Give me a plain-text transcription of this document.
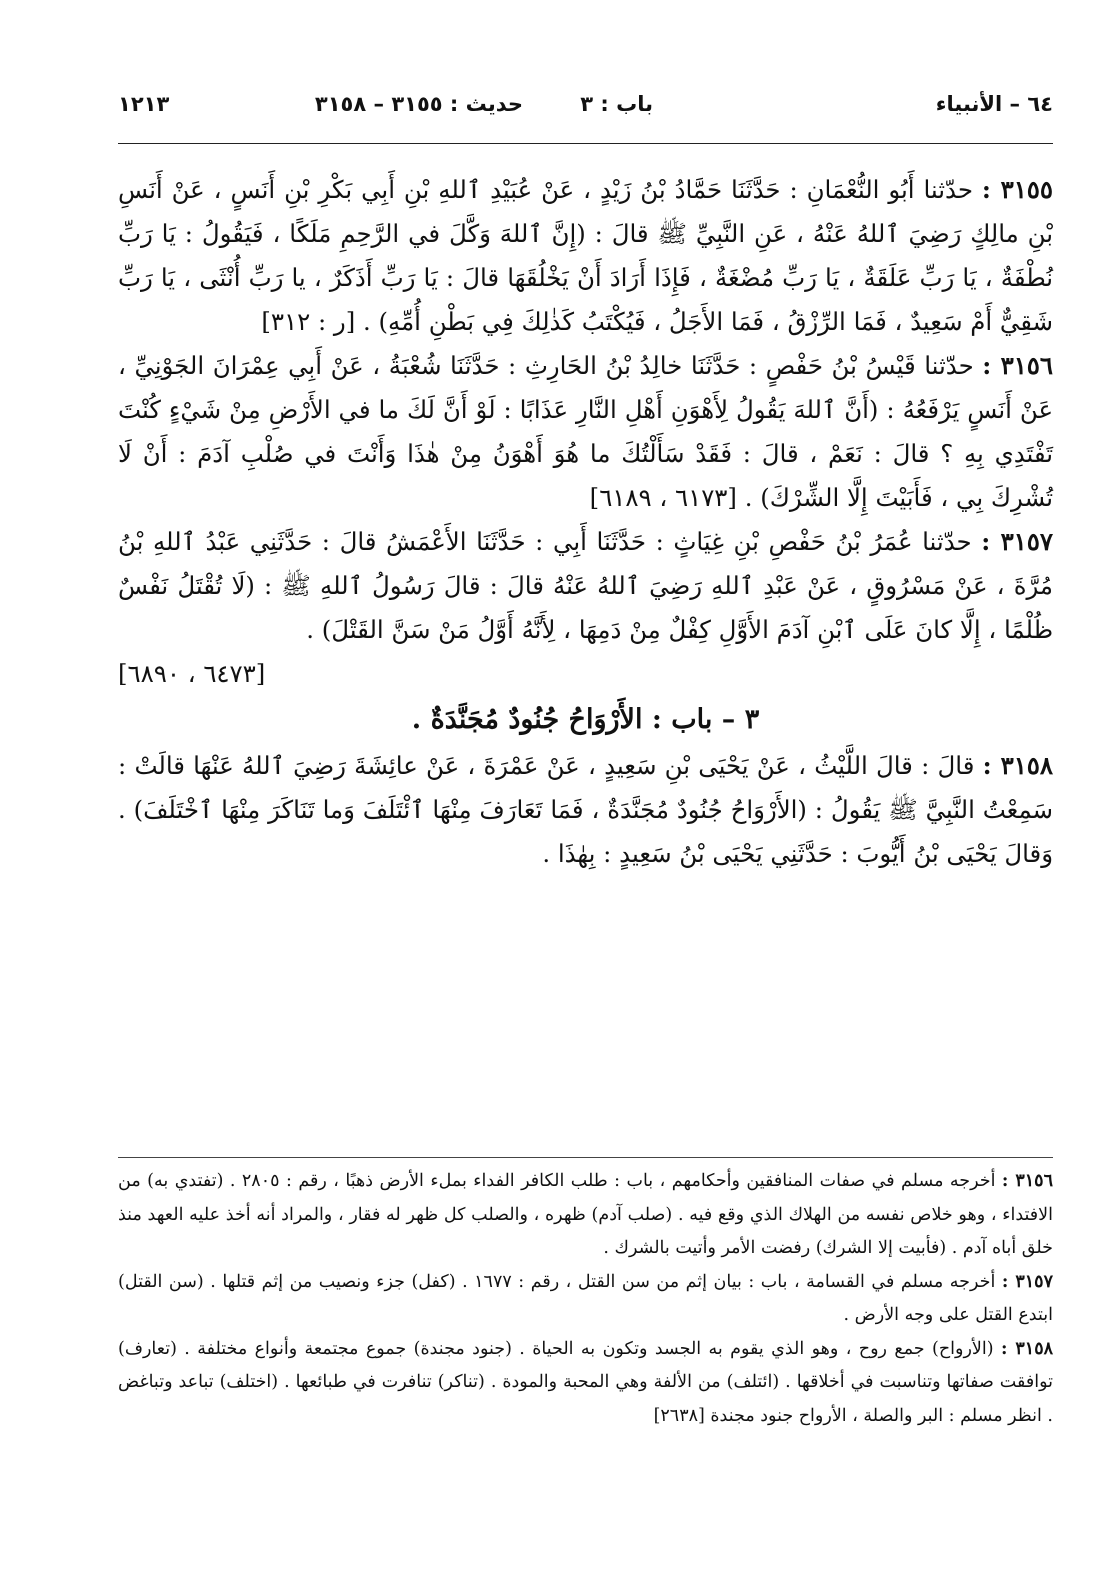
٦٤ – الأنبياء
باب : ٣
حديث : ٣١٥٥ – ٣١٥٨
١٢١٣

٣١٥٥ : حدّثنا أَبُو النُّعْمَانِ : حَدَّثَنَا حَمَّادُ بْنُ زَيْدٍ ، عَنْ عُبَيْدِ ٱللهِ بْنِ أَبِي بَكْرِ بْنِ أَنَسٍ ، عَنْ أَنَسِ بْنِ مالِكٍ رَضِيَ ٱللهُ عَنْهُ ، عَنِ النَّبِيِّ ﷺ قالَ : (إِنَّ ٱللهَ وَكَّلَ في الرَّحِمِ مَلَكًا ، فَيَقُولُ : يَا رَبِّ نُطْفَةٌ ، يَا رَبِّ عَلَقَةٌ ، يَا رَبِّ مُضْغَةٌ ، فَإِذَا أَرَادَ أَنْ يَخْلُقَهَا قالَ : يَا رَبِّ أَذَكَرٌ ، يا رَبِّ أُنْثَى ، يَا رَبِّ شَقِيٌّ أَمْ سَعِيدٌ ، فَمَا الرِّزْقُ ، فَمَا الأَجَلُ ، فَيُكْتَبُ كَذٰلِكَ فِي بَطْنِ أُمِّهِ) . [ر : ٣١٢]

٣١٥٦ : حدّثنا قَيْسُ بْنُ حَفْصٍ : حَدَّثَنَا خالِدُ بْنُ الحَارِثِ : حَدَّثَنَا شُعْبَةُ ، عَنْ أَبِي عِمْرَانَ الجَوْنِيِّ ، عَنْ أَنَسٍ يَرْفَعُهُ : (أَنَّ ٱللهَ يَقُولُ لِأَهْوَنِ أَهْلِ النَّارِ عَذَابًا : لَوْ أَنَّ لَكَ ما في الأَرْضِ مِنْ شَيْءٍ كُنْتَ تَفْتَدِي بِهِ ؟ قالَ : نَعَمْ ، قالَ : فَقَدْ سَأَلْتُكَ ما هُوَ أَهْوَنُ مِنْ هٰذَا وَأَنْتَ في صُلْبِ آدَمَ : أَنْ لَا تُشْرِكَ بِي ، فَأَبَيْتَ إِلَّا الشِّرْكَ) . [٦١٧٣ ، ٦١٨٩]

٣١٥٧ : حدّثنا عُمَرُ بْنُ حَفْصِ بْنِ غِيَاثٍ : حَدَّثَنَا أَبِي : حَدَّثَنَا الأَعْمَشُ قالَ : حَدَّثَنِي عَبْدُ ٱللهِ بْنُ مُرَّةَ ، عَنْ مَسْرُوقٍ ، عَنْ عَبْدِ ٱللهِ رَضِيَ ٱللهُ عَنْهُ قالَ : قالَ رَسُولُ ٱللهِ ﷺ : (لَا تُقْتَلُ نَفْسٌ ظُلْمًا ، إِلَّا كانَ عَلَى ٱبْنِ آدَمَ الأَوَّلِ كِفْلٌ مِنْ دَمِهَا ، لِأَنَّهُ أَوَّلُ مَنْ سَنَّ القَتْلَ) .
[٦٤٧٣ ، ٦٨٩٠]

٣ – باب : الأَرْوَاحُ جُنُودٌ مُجَنَّدَةٌ .

٣١٥٨ : قالَ : قالَ اللَّيْثُ ، عَنْ يَحْيَى بْنِ سَعِيدٍ ، عَنْ عَمْرَةَ ، عَنْ عائِشَةَ رَضِيَ ٱللهُ عَنْهَا قالَتْ : سَمِعْتُ النَّبِيَّ ﷺ يَقُولُ : (الأَرْوَاحُ جُنُودٌ مُجَنَّدَةٌ ، فَمَا تَعَارَفَ مِنْهَا ٱئْتَلَفَ وَما تَنَاكَرَ مِنْهَا ٱخْتَلَفَ) . وَقالَ يَحْيَى بْنُ أَيُّوبَ : حَدَّثَنِي يَحْيَى بْنُ سَعِيدٍ : بِهٰذَا .

٣١٥٦ : أخرجه مسلم في صفات المنافقين وأحكامهم ، باب : طلب الكافر الفداء بملء الأرض ذهبًا ، رقم : ٢٨٠٥ . (تفتدي به) من الافتداء ، وهو خلاص نفسه من الهلاك الذي وقع فيه . (صلب آدم) ظهره ، والصلب كل ظهر له فقار ، والمراد أنه أخذ عليه العهد منذ خلق أباه آدم . (فأبيت إلا الشرك) رفضت الأمر وأتيت بالشرك .

٣١٥٧ : أخرجه مسلم في القسامة ، باب : بيان إثم من سن القتل ، رقم : ١٦٧٧ . (كفل) جزء ونصيب من إثم قتلها . (سن القتل) ابتدع القتل على وجه الأرض .

٣١٥٨ : (الأرواح) جمع روح ، وهو الذي يقوم به الجسد وتكون به الحياة . (جنود مجندة) جموع مجتمعة وأنواع مختلفة . (تعارف) توافقت صفاتها وتناسبت في أخلاقها . (ائتلف) من الألفة وهي المحبة والمودة . (تناكر) تنافرت في طبائعها . (اختلف) تباعد وتباغض . انظر مسلم : البر والصلة ، الأرواح جنود مجندة [٢٦٣٨]
